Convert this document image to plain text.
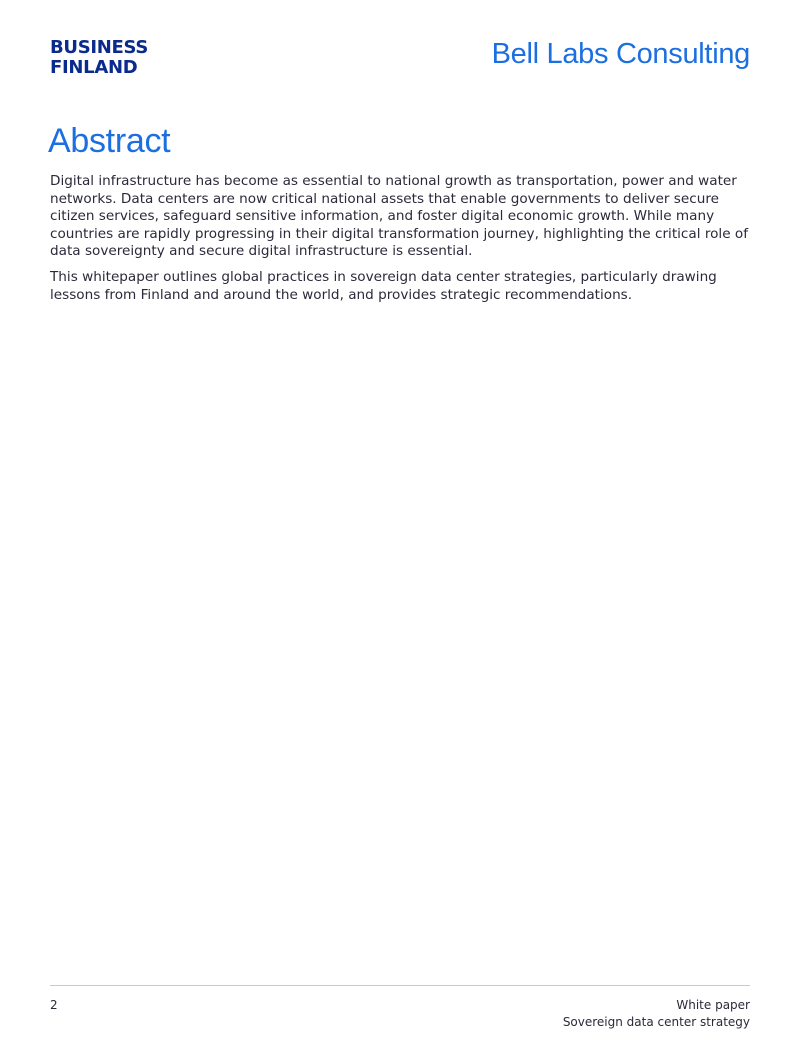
BUSINESS
FINLAND	Bell Labs Consulting
Abstract

Digital infrastructure has become as essential to national growth as transportation, power and water networks. Data centers are now critical national assets that enable governments to deliver secure citizen services, safeguard sensitive information, and foster digital economic growth. While many countries are rapidly progressing in their digital transformation journey, highlighting the critical role of data sovereignty and secure digital infrastructure is essential.

This whitepaper outlines global practices in sovereign data center strategies, particularly drawing lessons from Finland and around the world, and provides strategic recommendations.

2	White paper
Sovereign data center strategy
